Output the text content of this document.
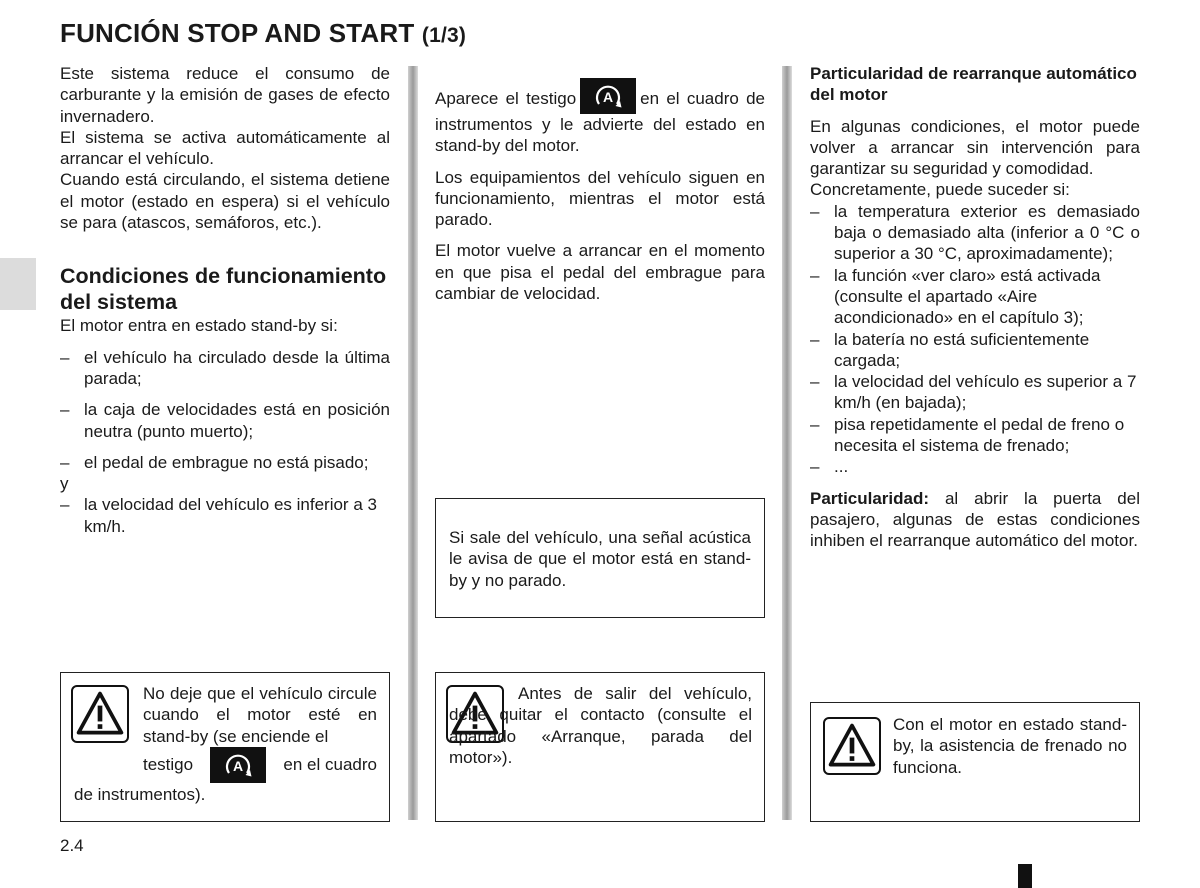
FUNCIÓN STOP AND START (1/3)

Este sistema reduce el consumo de carburante y la emisión de gases de efecto invernadero.

El sistema se activa automáticamente al arrancar el vehículo.

Cuando está circulando, el sistema detiene el motor (estado en espera) si el vehículo se para (atascos, semáforos, etc.).

Condiciones de funcionamiento del sistema

El motor entra en estado stand-by si:

– el vehículo ha circulado desde la última parada;
– la caja de velocidades está en posición neutra (punto muerto);
– el pedal de embrague no está pisado;

y

– la velocidad del vehículo es inferior a 3 km/h.
No deje que el vehículo circule cuando el motor esté en stand-by (se enciende el
testigo	A en el cuadro
de instrumentos).

Aparece el testigo A en el cuadro de instrumentos y le advierte del estado en stand-by del motor.

Los equipamientos del vehículo siguen en funcionamiento, mientras el motor está parado.

El motor vuelve a arrancar en el momento en que pisa el pedal del embrague para cambiar de velocidad.

Si sale del vehículo, una señal acústica le avisa de que el motor está en stand-by y no parado.
Antes de salir del vehículo, debe quitar el contacto (consulte el apartado «Arranque, parada del motor»).

Particularidad de rearranque automático del motor

En algunas condiciones, el motor puede volver a arrancar sin intervención para garantizar su seguridad y comodidad.

Concretamente, puede suceder si:

– la temperatura exterior es demasiado baja o demasiado alta (inferior a 0 °C o superior a 30 °C, aproximadamente);
– la función «ver claro» está activada (consulte el apartado «Aire acondicionado» en el capítulo 3);
– la batería no está suficientemente cargada;
– la velocidad del vehículo es superior a 7 km/h (en bajada);
– pisa repetidamente el pedal de freno o necesita el sistema de frenado;
– ...

Particularidad: al abrir la puerta del pasajero, algunas de estas condiciones inhiben el rearranque automático del motor.

Con el motor en estado stand-by, la asistencia de frenado no funciona.
2.4
